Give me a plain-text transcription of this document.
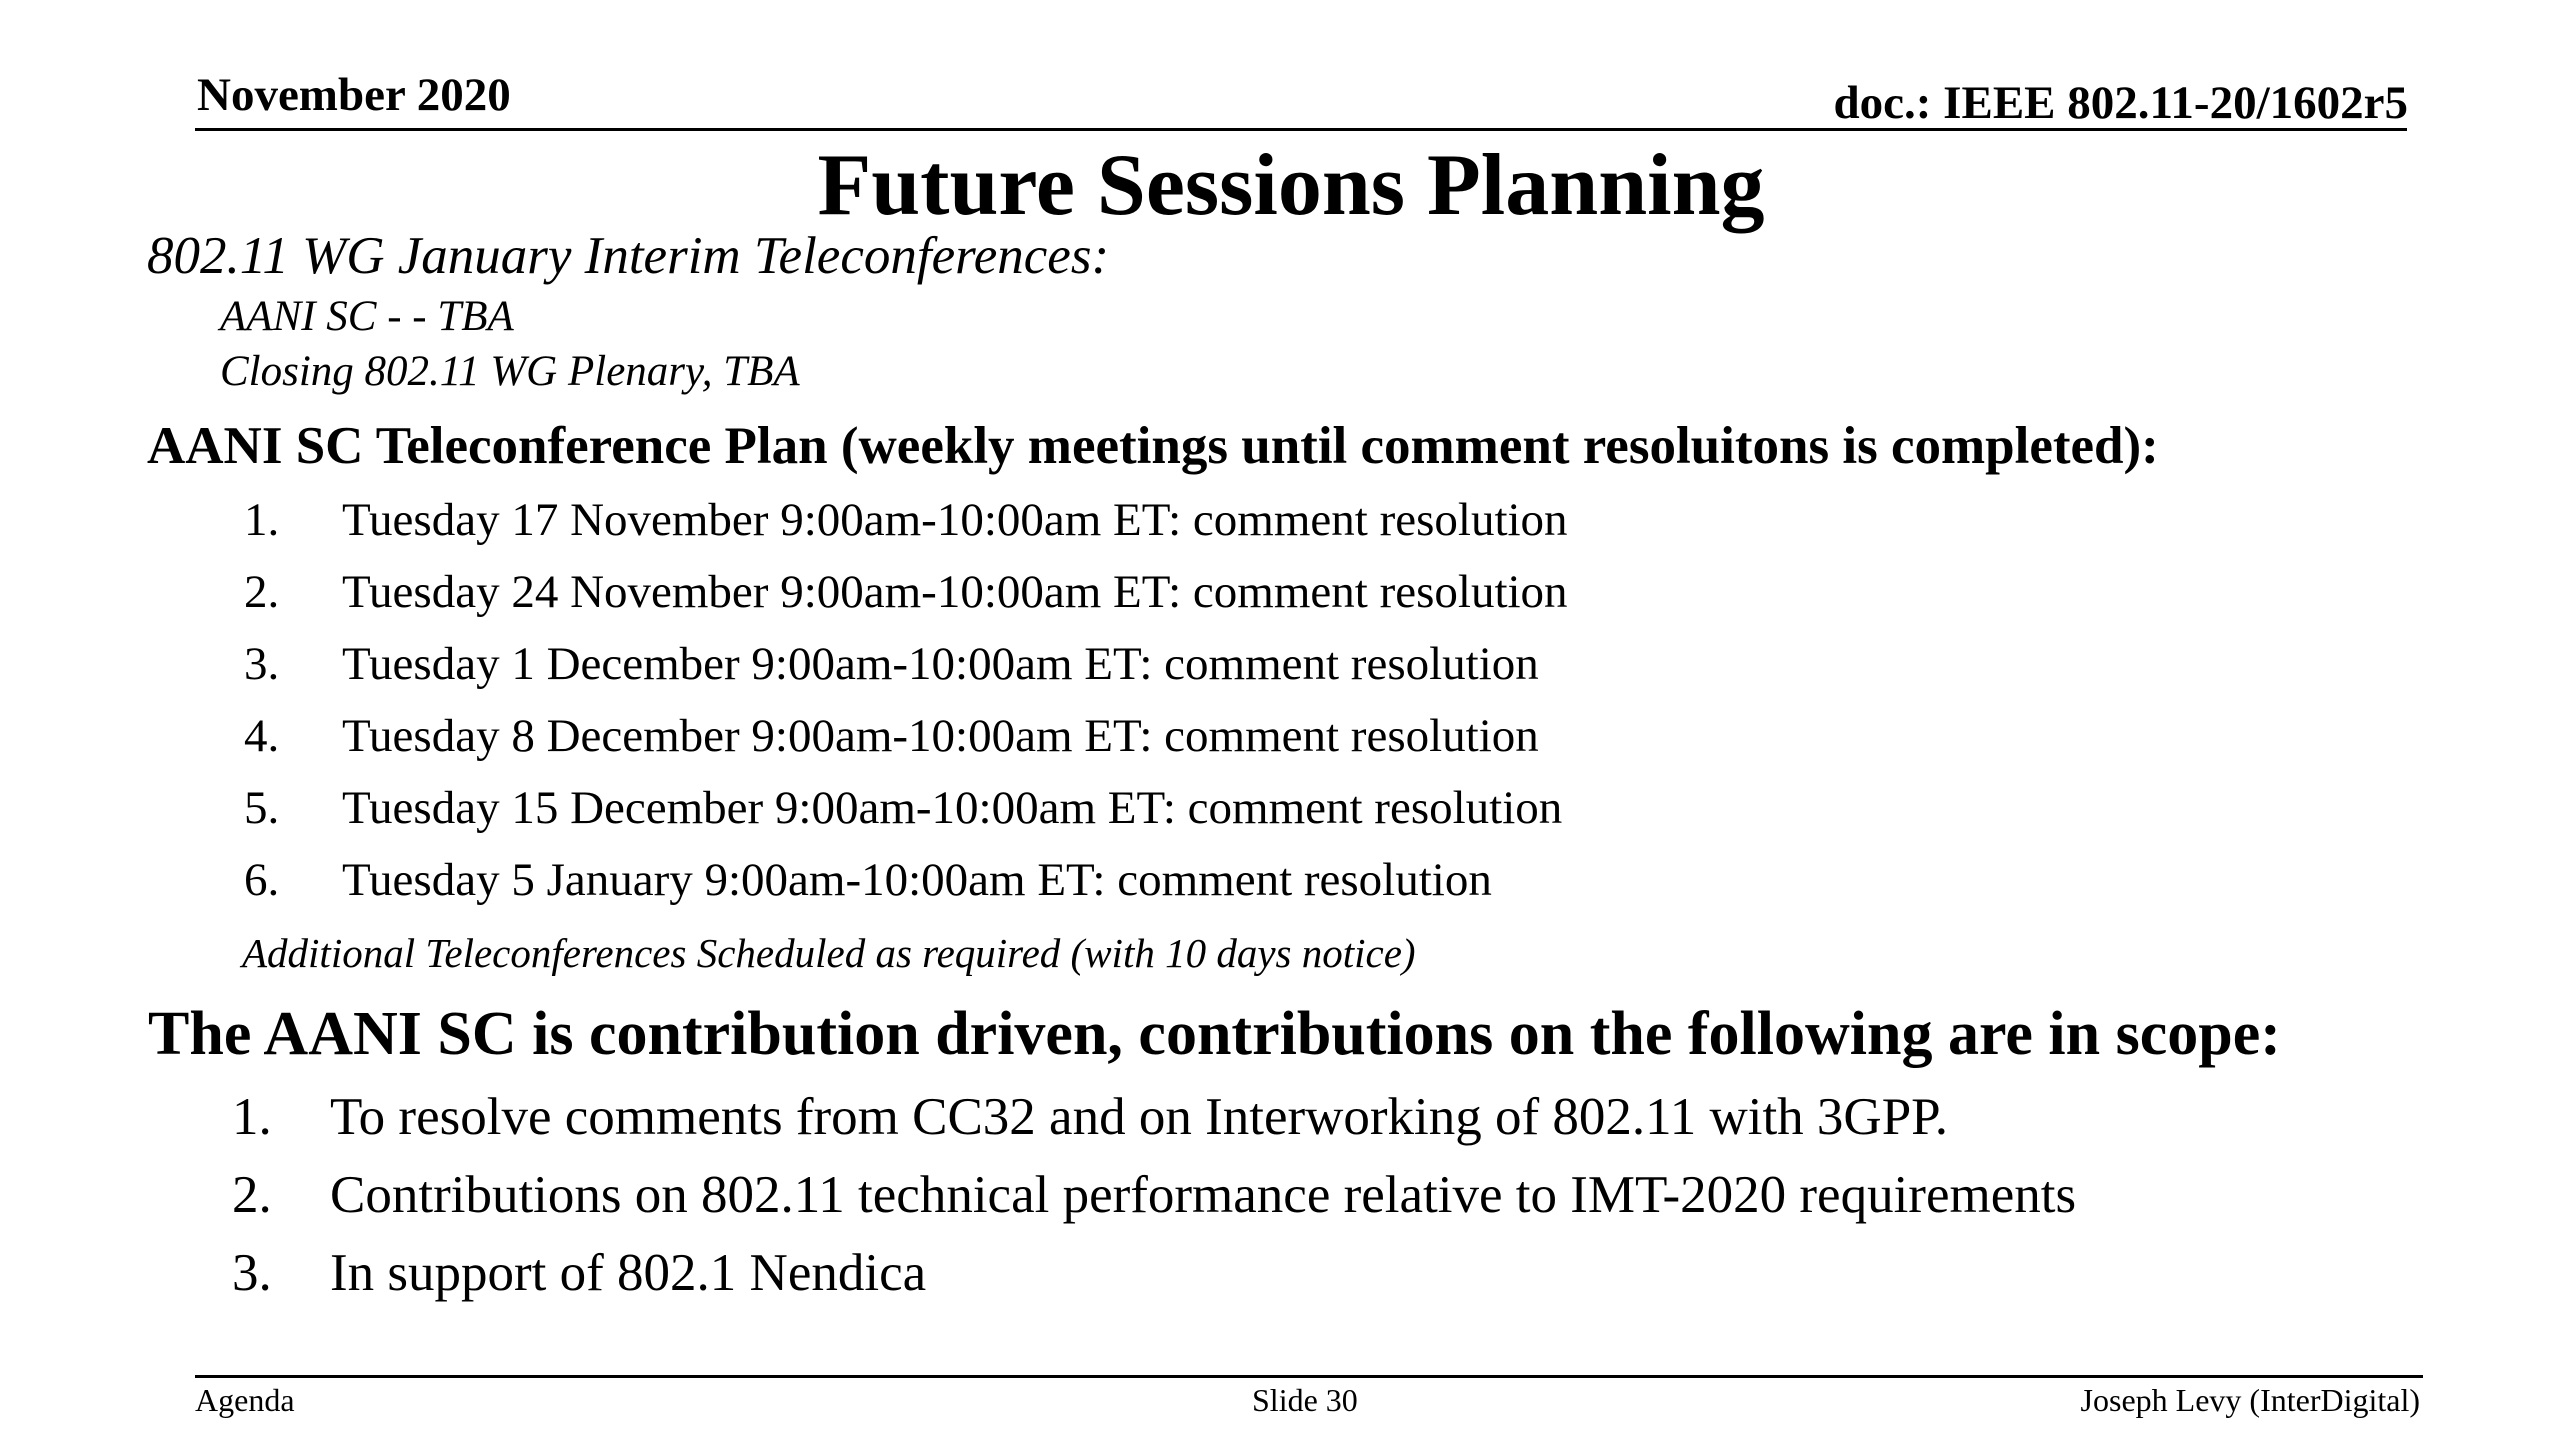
November 2020	doc.: IEEE 802.11-20/1602r5
Future Sessions Planning
802.11 WG January Interim Teleconferences:
AANI SC - - TBA
Closing 802.11 WG Plenary, TBA
AANI SC Teleconference Plan (weekly meetings until comment resoluitons is completed):
1. Tuesday 17 November 9:00am-10:00am ET: comment resolution
2. Tuesday 24 November 9:00am-10:00am ET: comment resolution
3. Tuesday 1 December 9:00am-10:00am ET: comment resolution
4. Tuesday 8 December 9:00am-10:00am ET: comment resolution
5. Tuesday 15 December 9:00am-10:00am ET: comment resolution
6. Tuesday 5 January 9:00am-10:00am ET: comment resolution
Additional Teleconferences Scheduled as required (with 10 days notice)
The AANI SC is contribution driven, contributions on the following are in scope:
1. To resolve comments from CC32 and on Interworking of 802.11 with 3GPP.
2. Contributions on 802.11 technical performance relative to IMT-2020 requirements
3. In support of 802.1 Nendica
Agenda	Slide 30	Joseph Levy (InterDigital)
